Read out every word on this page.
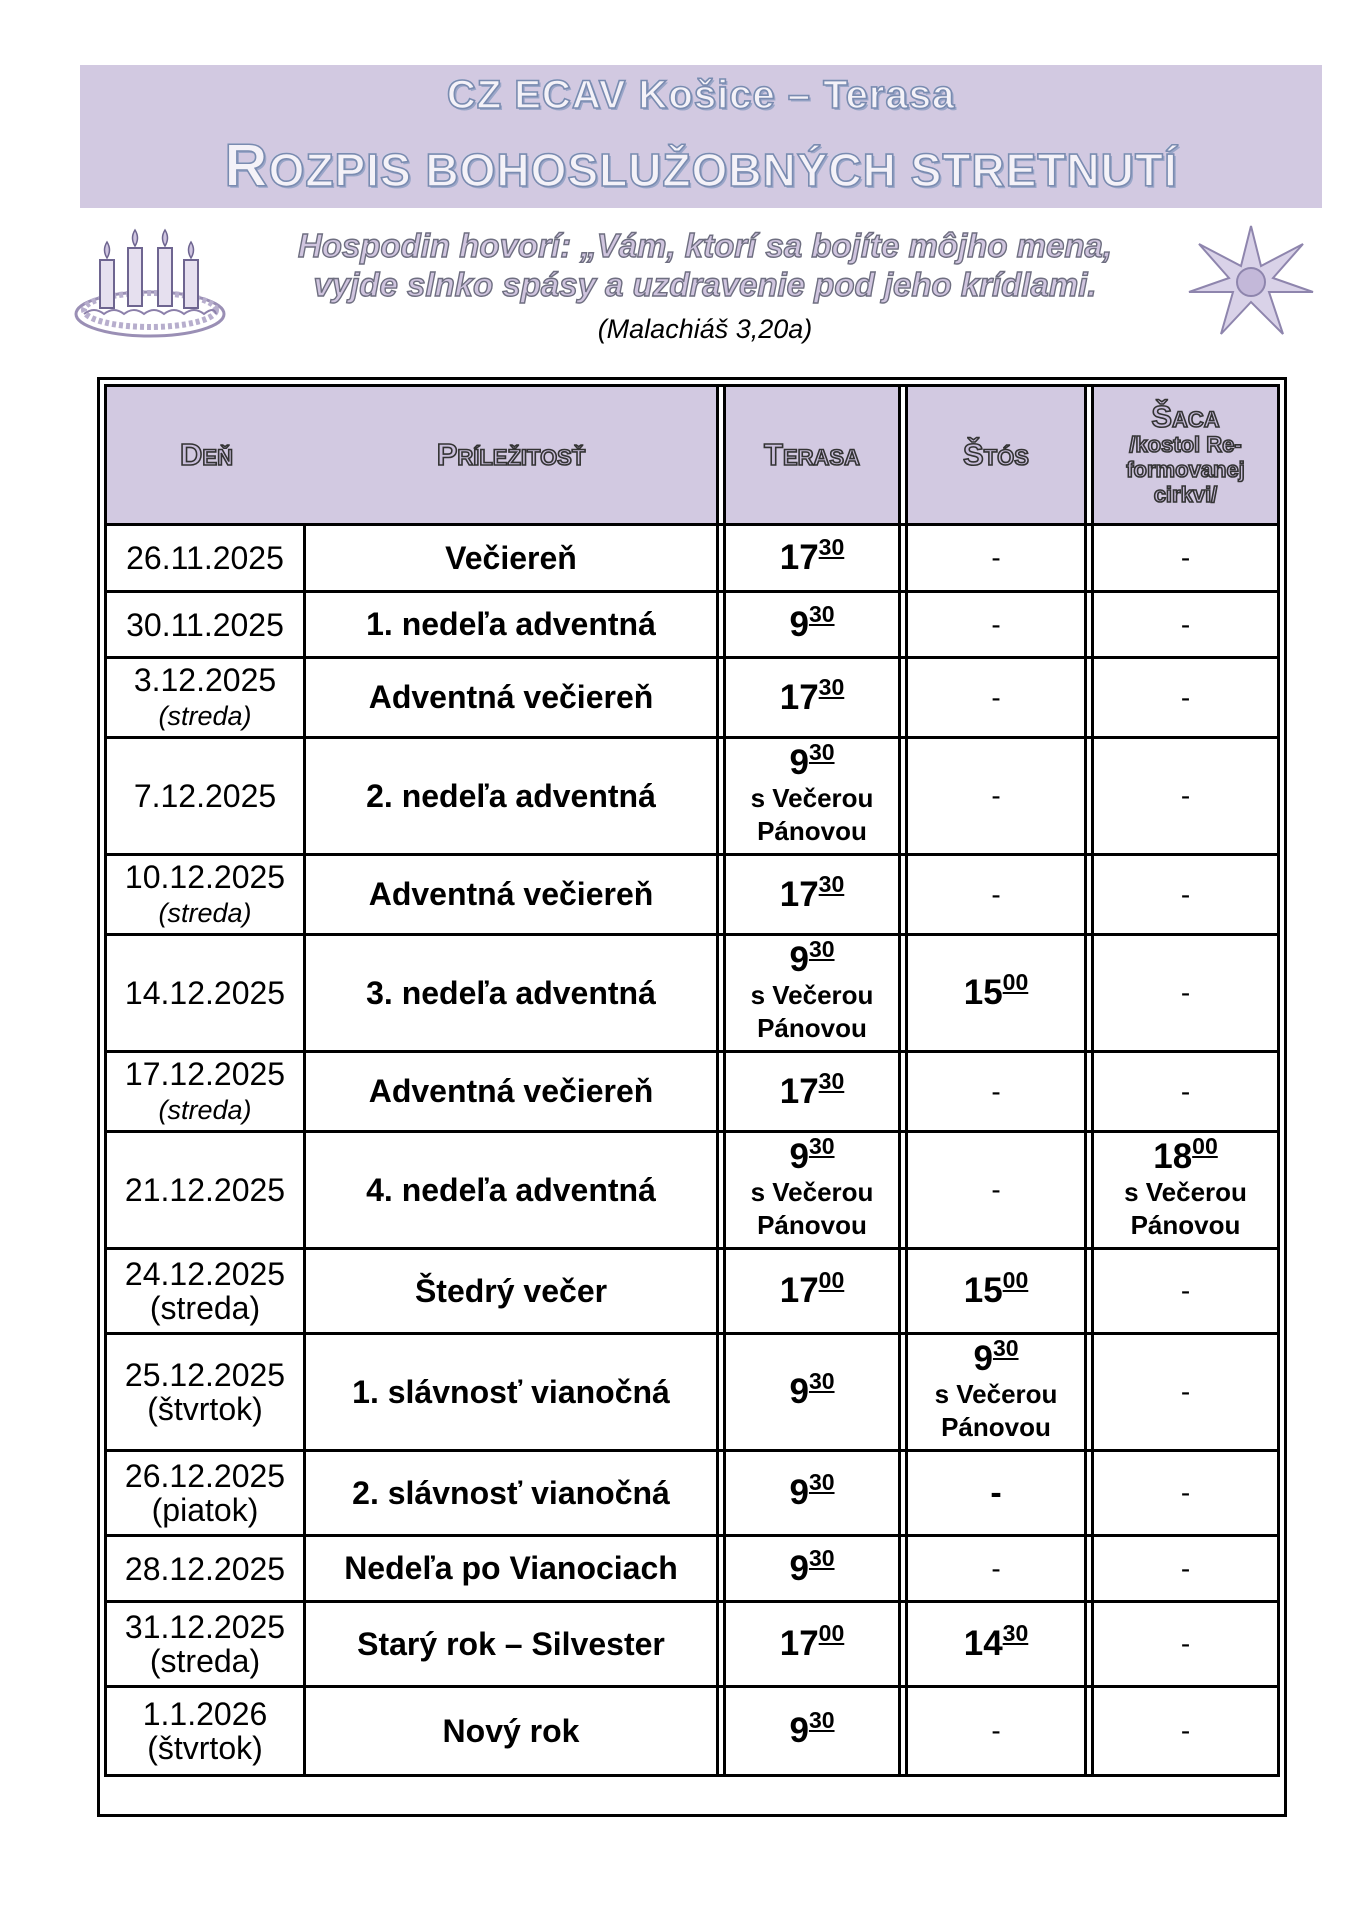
CZ ECAV Košice – Terasa
ROZPIS BOHOSLUŽOBNÝCH STRETNUTÍ
Hospodin hovorí: „Vám, ktorí sa bojíte môjho mena,
vyjde slnko spásy a uzdravenie pod jeho krídlami.
(Malachiáš 3,20a)
Deň	Príležitosť		Terasa		Štós		Šaca
/kostol Re-
formovanej
cirkvi/
26.11.2025	Večiereň		$17^{30}$		-		-
30.11.2025	1. nedeľa adventná		$9^{30}$		-		-
3.12.2025
(streda)	Adventná večiereň		$17^{30}$		-		-
7.12.2025	2. nedeľa adventná		$9^{30}$
s Večerou Pánovou		-		-
10.12.2025
(streda)	Adventná večiereň		$17^{30}$		-		-
14.12.2025	3. nedeľa adventná		$9^{30}$
s Večerou Pánovou		$15^{00}$		-
17.12.2025
(streda)	Adventná večiereň		$17^{30}$		-		-
21.12.2025	4. nedeľa adventná		$9^{30}$
s Večerou Pánovou		-		$18^{00}$
s Večerou Pánovou

24.12.2025
(streda)	Štedrý večer		$17^{00}$		$15^{00}$		-
25.12.2025
(štvrtok)	1. slávnosť vianočná		$9^{30}$		$9^{30}$
s Večerou Pánovou		-
26.12.2025
(piatok)	2. slávnosť vianočná		$9^{30}$		-		-
28.12.2025	Nedeľa po Vianociach		$9^{30}$		-		-
31.12.2025
(streda)	Starý rok – Silvester		$17^{00}$		$14^{30}$		-
1.1.2026
(štvrtok)	Nový rok		$9^{30}$		-		-
